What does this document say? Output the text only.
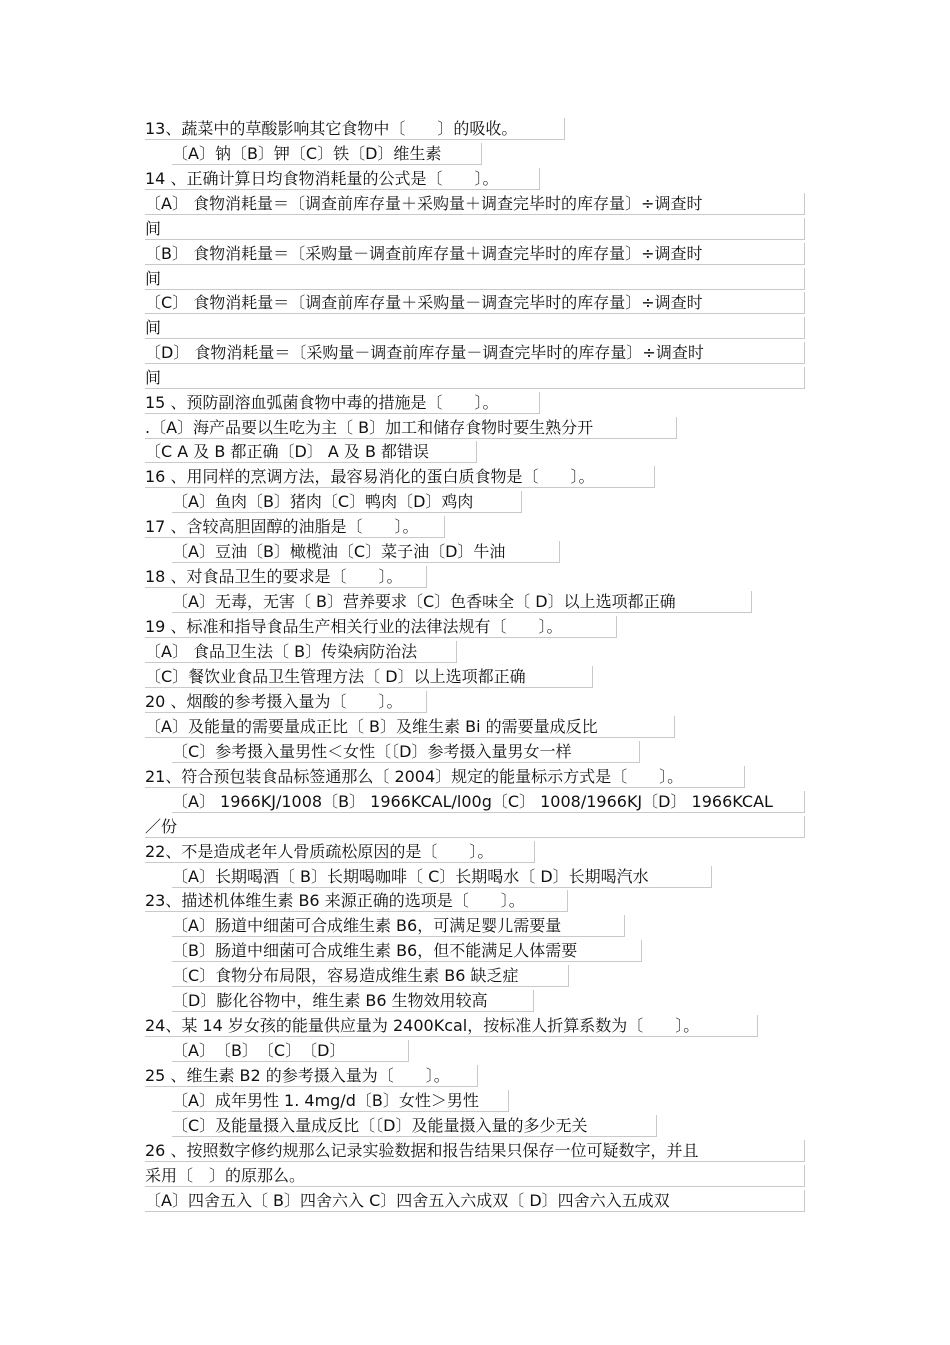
13、蔬菜中的草酸影响其它食物中〔　　〕的吸收。
〔A〕钠〔B〕钾〔C〕铁〔D〕维生素
14 、正确计算日均食物消耗量的公式是〔　　〕。
〔A〕 食物消耗量＝〔调查前库存量＋采购量＋调查完毕时的库存量〕÷调查时
间
〔B〕 食物消耗量＝〔采购量－调查前库存量＋调查完毕时的库存量〕÷调查时
间
〔C〕 食物消耗量＝〔调查前库存量＋采购量－调查完毕时的库存量〕÷调查时
间
〔D〕 食物消耗量＝〔采购量－调查前库存量－调查完毕时的库存量〕÷调查时
间
15 、预防副溶血弧菌食物中毒的措施是〔　　〕。
.〔A〕海产品要以生吃为主〔 B〕加工和储存食物时要生熟分开
〔C A 及 B 都正确〔D〕 A 及 B 都错误
16 、用同样的烹调方法，最容易消化的蛋白质食物是〔　　〕。
〔A〕鱼肉〔B〕猪肉〔C〕鸭肉〔D〕鸡肉
17 、含较高胆固醇的油脂是〔　　〕。
〔A〕豆油〔B〕橄榄油〔C〕菜子油〔D〕牛油
18 、对食品卫生的要求是〔　　〕。
〔A〕无毒，无害〔 B〕营养要求〔C〕色香味全〔 D〕以上选项都正确
19 、标准和指导食品生产相关行业的法律法规有〔　　〕。
〔A〕 食品卫生法〔 B〕传染病防治法
〔C〕餐饮业食品卫生管理方法〔 D〕以上选项都正确
20 、烟酸的参考摄入量为〔　　〕。
〔A〕及能量的需要量成正比〔 B〕及维生素 Bi 的需要量成反比
〔C〕参考摄入量男性＜女性〔〔D〕参考摄入量男女一样
21、符合预包装食品标签通那么〔 2004〕规定的能量标示方式是〔　　〕。
〔A〕 1966KJ/1008〔B〕 1966KCAL/l00g〔C〕 1008/1966KJ〔D〕 1966KCAL
／份
22、不是造成老年人骨质疏松原因的是〔　　〕。
〔A〕长期喝酒〔 B〕长期喝咖啡〔 C〕长期喝水〔 D〕长期喝汽水
23、描述机体维生素 B6 来源正确的选项是〔　　〕。
〔A〕肠道中细菌可合成维生素 B6，可满足婴儿需要量
〔B〕肠道中细菌可合成维生素 B6，但不能满足人体需要
〔C〕食物分布局限，容易造成维生素 B6 缺乏症
〔D〕膨化谷物中，维生素 B6 生物效用较高
24、某 14 岁女孩的能量供应量为 2400Kcal，按标准人折算系数为〔　　〕。
〔A〕　〔B〕　〔C〕　〔D〕
25 、维生素 B2 的参考摄入量为〔　　〕。
〔A〕成年男性 1. 4mg/d〔B〕女性＞男性
〔C〕及能量摄入量成反比〔〔D〕及能量摄入量的多少无关
26 、按照数字修约规那么记录实验数据和报告结果只保存一位可疑数字，并且
采用〔　〕的原那么。
〔A〕四舍五入〔 B〕四舍六入 C〕四舍五入六成双〔 D〕四舍六入五成双
